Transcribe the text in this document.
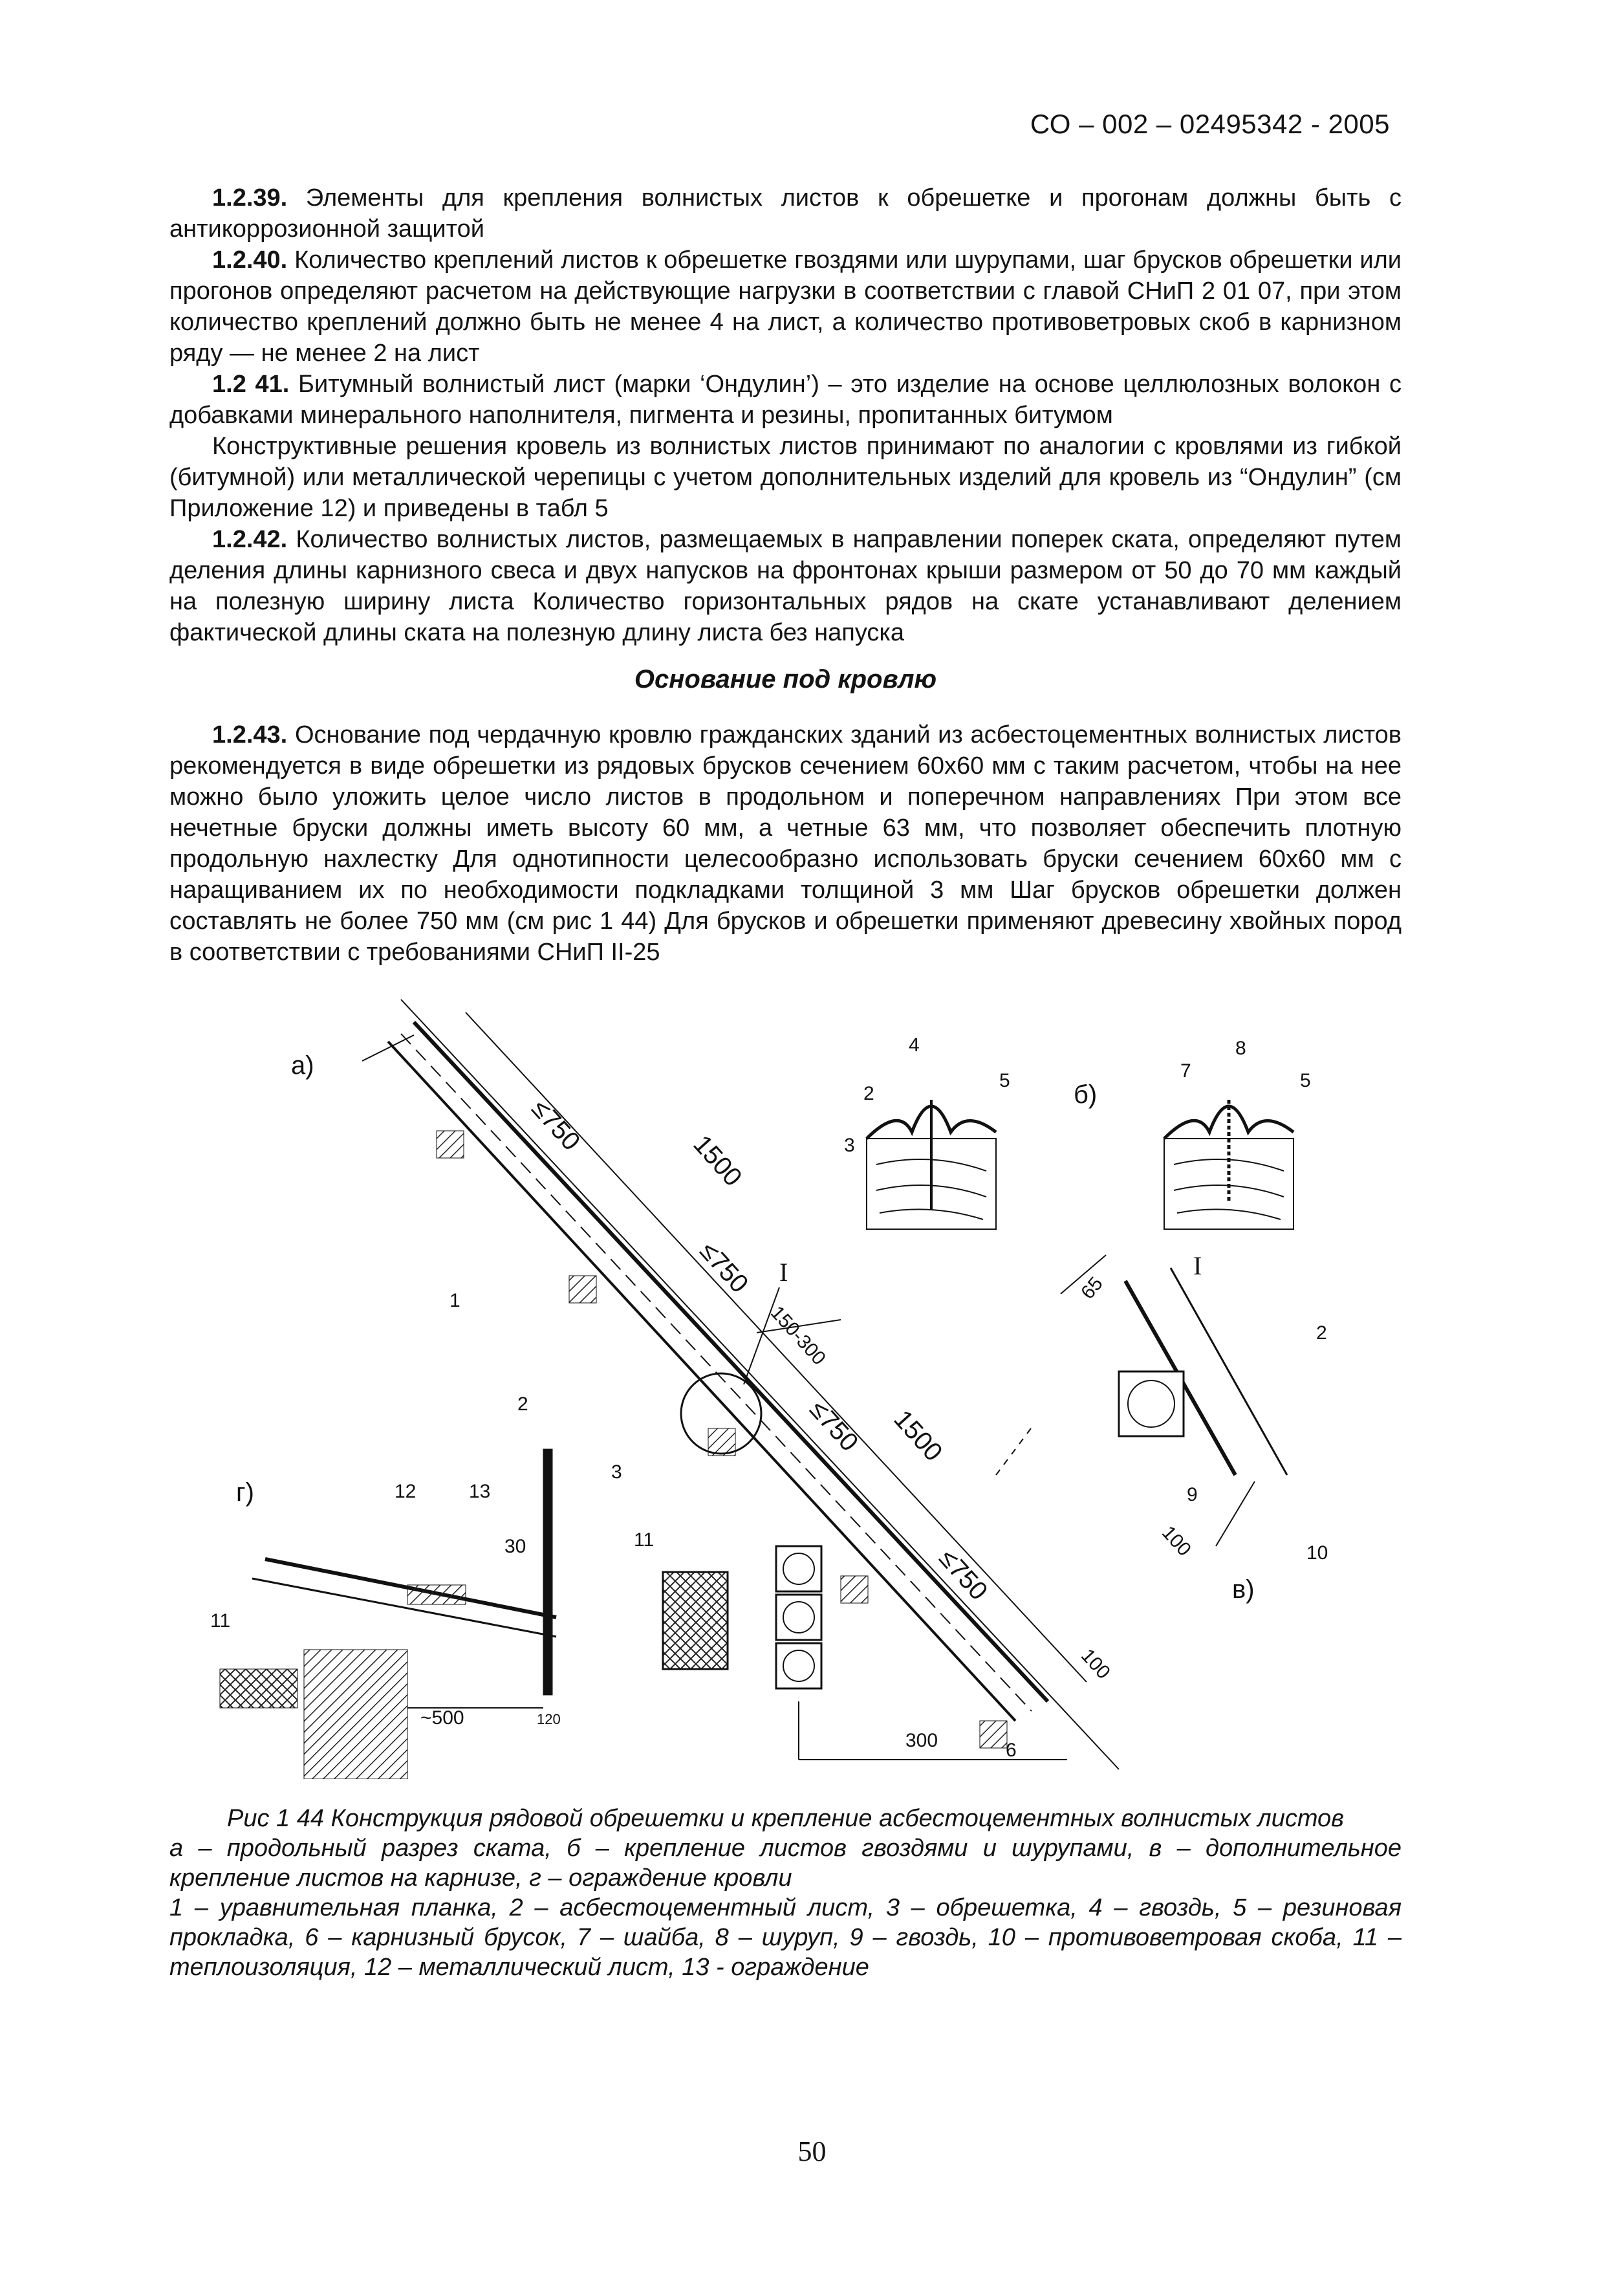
СО – 002 – 02495342 - 2005

1.2.39. Элементы для крепления волнистых листов к обрешетке и прогонам должны быть с антикоррозионной защитой

1.2.40. Количество креплений листов к обрешетке гвоздями или шурупами, шаг брусков обрешетки или прогонов определяют расчетом на действующие нагрузки в соответствии с главой СНиП 2 01 07, при этом количество креплений должно быть не менее 4 на лист, а количество противоветровых скоб в карнизном ряду — не менее 2 на лист

1.2 41. Битумный волнистый лист (марки ‘Ондулин’) – это изделие на основе целлюлозных волокон с добавками минерального наполнителя, пигмента и резины, пропитанных битумом

Конструктивные решения кровель из волнистых листов принимают по аналогии с кровлями из гибкой (битумной) или металлической черепицы с учетом дополнительных изделий для кровель из “Ондулин” (см Приложение 12) и приведены в табл 5

1.2.42. Количество волнистых листов, размещаемых в направлении поперек ската, определяют путем деления длины карнизного свеса и двух напусков на фронтонах крыши размером от 50 до 70 мм каждый на полезную ширину листа Количество горизонтальных рядов на скате устанавливают делением фактической длины ската на полезную длину листа без напуска

Основание под кровлю

1.2.43. Основание под чердачную кровлю гражданских зданий из асбестоцементных волнистых листов рекомендуется в виде обрешетки из рядовых брусков сечением 60х60 мм с таким расчетом, чтобы на нее можно было уложить целое число листов в продольном и поперечном направлениях При этом все нечетные бруски должны иметь высоту 60 мм, а четные 63 мм, что позволяет обеспечить плотную продольную нахлестку Для однотипности целесообразно использовать бруски сечением 60х60 мм с наращиванием их по необходимости подкладками толщиной 3 мм Шаг брусков обрешетки должен составлять не более 750 мм (см рис 1 44) Для брусков и обрешетки применяют древесину хвойных пород в соответствии с требованиями СНиП II-25

а)
≤750
1500
≤750
150-300
≤750 1500
≤750
100
I
1
2
3
6
11
300
4
2
5
3
б)
7
8
5
65
I
2
9
100	10
в)
г)	12	13
30
11
~500	120

Рис 1 44 Конструкция рядовой обрешетки и крепление асбестоцементных волнистых листов

а – продольный разрез ската, б – крепление листов гвоздями и шурупами, в – дополнительное крепление листов на карнизе, г – ограждение кровли

1 – уравнительная планка, 2 – асбестоцементный лист, 3 – обрешетка, 4 – гвоздь, 5 – резиновая прокладка, 6 – карнизный брусок, 7 – шайба, 8 – шуруп, 9 – гвоздь, 10 – противоветровая скоба, 11 – теплоизоляция, 12 – металлический лист, 13 - ограждение

50
